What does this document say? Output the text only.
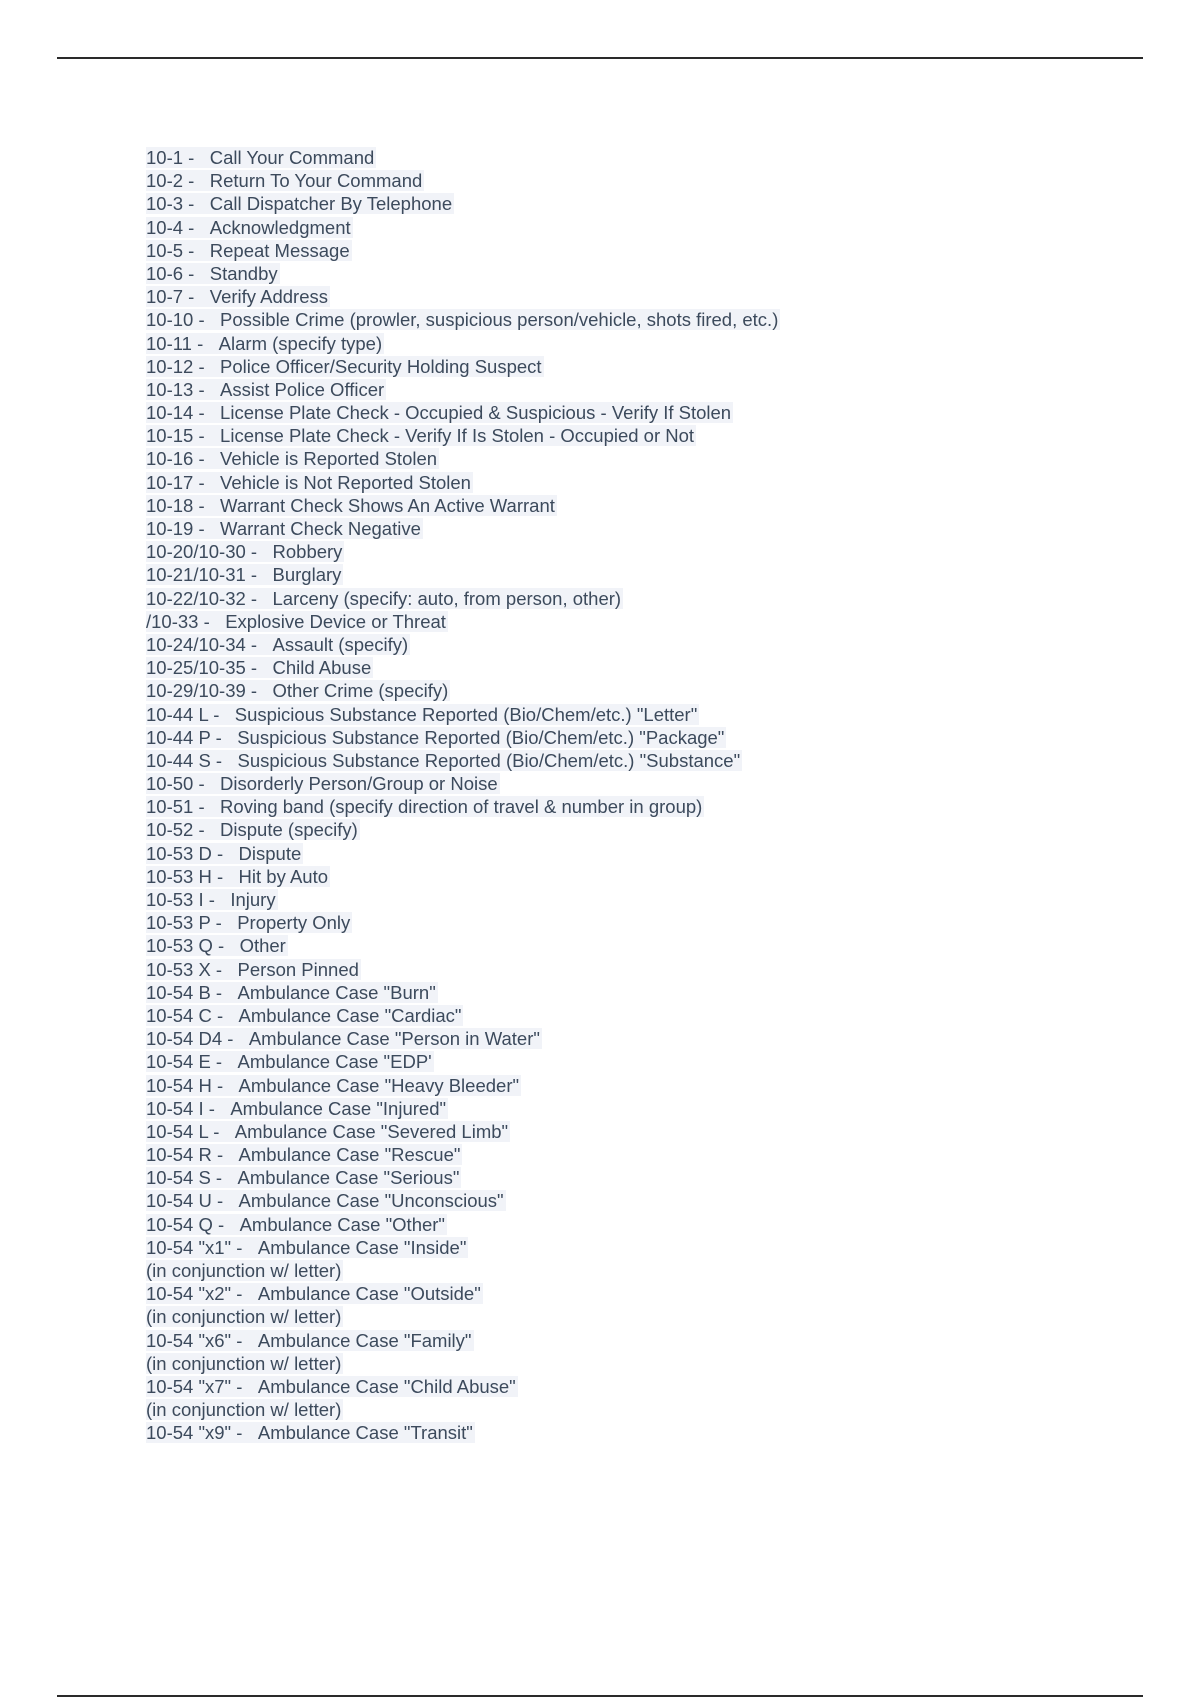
10-1 - Call Your Command
10-2 - Return To Your Command
10-3 - Call Dispatcher By Telephone
10-4 - Acknowledgment
10-5 - Repeat Message
10-6 - Standby
10-7 - Verify Address
10-10 - Possible Crime (prowler, suspicious person/vehicle, shots fired, etc.)
10-11 - Alarm (specify type)
10-12 - Police Officer/Security Holding Suspect
10-13 - Assist Police Officer
10-14 - License Plate Check - Occupied & Suspicious - Verify If Stolen
10-15 - License Plate Check - Verify If Is Stolen - Occupied or Not
10-16 - Vehicle is Reported Stolen
10-17 - Vehicle is Not Reported Stolen
10-18 - Warrant Check Shows An Active Warrant
10-19 - Warrant Check Negative
10-20/10-30 - Robbery
10-21/10-31 - Burglary
10-22/10-32 - Larceny (specify: auto, from person, other)
/10-33 - Explosive Device or Threat
10-24/10-34 - Assault (specify)
10-25/10-35 - Child Abuse
10-29/10-39 - Other Crime (specify)
10-44 L - Suspicious Substance Reported (Bio/Chem/etc.) "Letter"
10-44 P - Suspicious Substance Reported (Bio/Chem/etc.) "Package"
10-44 S - Suspicious Substance Reported (Bio/Chem/etc.) "Substance"
10-50 - Disorderly Person/Group or Noise
10-51 - Roving band (specify direction of travel & number in group)
10-52 - Dispute (specify)
10-53 D - Dispute
10-53 H - Hit by Auto
10-53 I - Injury
10-53 P - Property Only
10-53 Q - Other
10-53 X - Person Pinned
10-54 B - Ambulance Case "Burn"
10-54 C - Ambulance Case "Cardiac"
10-54 D4 - Ambulance Case "Person in Water"
10-54 E - Ambulance Case "EDP'
10-54 H - Ambulance Case "Heavy Bleeder"
10-54 I - Ambulance Case "Injured"
10-54 L - Ambulance Case "Severed Limb"
10-54 R - Ambulance Case "Rescue"
10-54 S - Ambulance Case "Serious"
10-54 U - Ambulance Case "Unconscious"
10-54 Q - Ambulance Case "Other"
10-54 "x1" - Ambulance Case "Inside"
(in conjunction w/ letter)
10-54 "x2" - Ambulance Case "Outside"
(in conjunction w/ letter)
10-54 "x6" - Ambulance Case "Family"
(in conjunction w/ letter)
10-54 "x7" - Ambulance Case "Child Abuse"
(in conjunction w/ letter)
10-54 "x9" - Ambulance Case "Transit"
